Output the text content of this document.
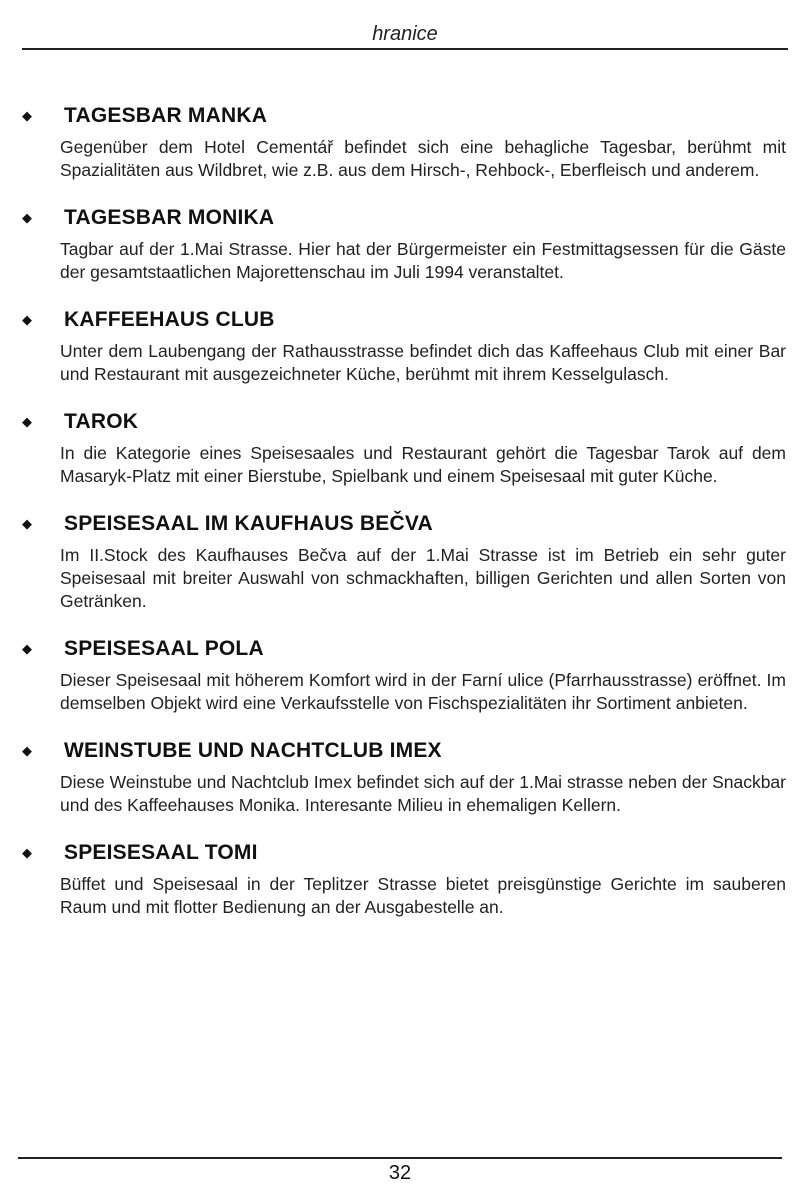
hranice
◆	TAGESBAR MANKA
Gegenüber dem Hotel Cementář befindet sich eine behagliche Tagesbar, berühmt mit Spazialitäten aus Wildbret, wie z.B. aus dem Hirsch-, Rehbock-, Eberfleisch und anderem.
◆	TAGESBAR MONIKA
Tagbar auf der 1.Mai Strasse. Hier hat der Bürgermeister ein Festmittagsessen für die Gäste der gesamtstaatlichen Majorettenschau im Juli 1994 veranstaltet.
◆	KAFFEEHAUS CLUB
Unter dem Laubengang der Rathausstrasse befindet dich das Kaffeehaus Club mit einer Bar und Restaurant mit ausgezeichneter Küche, berühmt mit ihrem Kesselgulasch.
◆	TAROK
In die Kategorie eines Speisesaales und Restaurant gehört die Tagesbar Tarok auf dem Masaryk-Platz mit einer Bierstube, Spielbank und einem Speisesaal mit guter Küche.
◆	SPEISESAAL IM KAUFHAUS BEČVA
Im II.Stock des Kaufhauses Bečva auf der 1.Mai Strasse ist im Betrieb ein sehr guter Speisesaal mit breiter Auswahl von schmackhaften, billigen Gerichten und allen Sorten von Getränken.
◆	SPEISESAAL POLA
Dieser Speisesaal mit höherem Komfort wird in der Farní ulice (Pfarrhausstrasse) eröffnet. Im demselben Objekt wird eine Verkaufsstelle von Fischspezialitäten ihr Sortiment anbieten.
◆	WEINSTUBE UND NACHTCLUB IMEX
Diese Weinstube und Nachtclub Imex befindet sich auf der 1.Mai strasse neben der Snackbar und des Kaffeehauses Monika. Interesante Milieu in ehemaligen Kellern.
◆	SPEISESAAL TOMI
Büffet und Speisesaal in der Teplitzer Strasse bietet preisgünstige Gerichte im sauberen Raum und mit flotter Bedienung an der Ausgabestelle an.
32
